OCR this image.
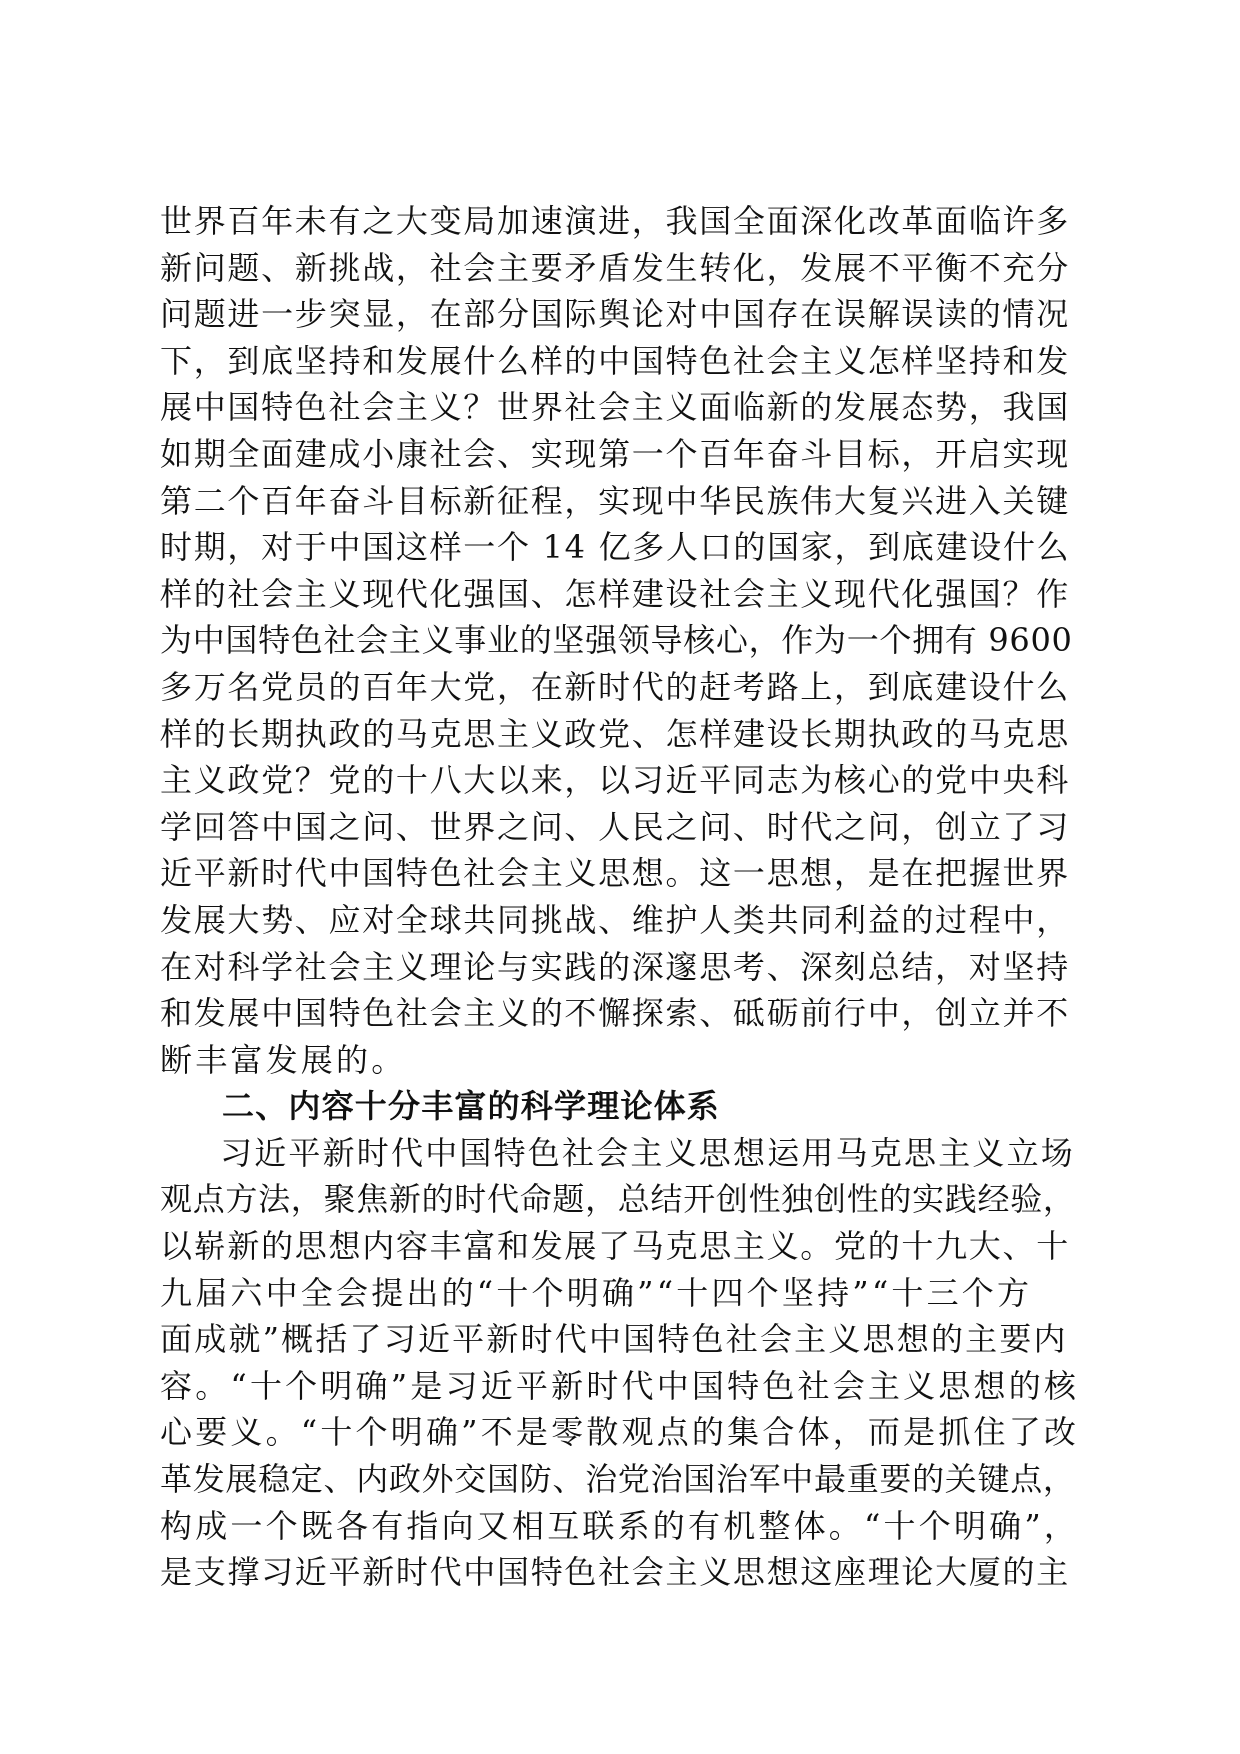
世界百年未有之大变局加速演进，我国全面深化改革面临许多
新问题、新挑战，社会主要矛盾发生转化，发展不平衡不充分
问题进一步突显，在部分国际舆论对中国存在误解误读的情况
下，到底坚持和发展什么样的中国特色社会主义怎样坚持和发
展中国特色社会主义？世界社会主义面临新的发展态势，我国
如期全面建成小康社会、实现第一个百年奋斗目标，开启实现
第二个百年奋斗目标新征程，实现中华民族伟大复兴进入关键
时期，对于中国这样一个 14 亿多人口的国家，到底建设什么
样的社会主义现代化强国、怎样建设社会主义现代化强国？作
为中国特色社会主义事业的坚强领导核心，作为一个拥有 9600
多万名党员的百年大党，在新时代的赶考路上，到底建设什么
样的长期执政的马克思主义政党、怎样建设长期执政的马克思
主义政党？党的十八大以来，以习近平同志为核心的党中央科
学回答中国之问、世界之问、人民之问、时代之问，创立了习
近平新时代中国特色社会主义思想。这一思想，是在把握世界
发展大势、应对全球共同挑战、维护人类共同利益的过程中，
在对科学社会主义理论与实践的深邃思考、深刻总结，对坚持
和发展中国特色社会主义的不懈探索、砥砺前行中，创立并不
断丰富发展的。
二、内容十分丰富的科学理论体系
习近平新时代中国特色社会主义思想运用马克思主义立场
观点方法，聚焦新的时代命题，总结开创性独创性的实践经验，
以崭新的思想内容丰富和发展了马克思主义。党的十九大、十
九届六中全会提出的“十个明确”“十四个坚持”“十三个方
面成就”概括了习近平新时代中国特色社会主义思想的主要内
容。“十个明确”是习近平新时代中国特色社会主义思想的核
心要义。“十个明确”不是零散观点的集合体，而是抓住了改
革发展稳定、内政外交国防、治党治国治军中最重要的关键点，
构成一个既各有指向又相互联系的有机整体。“十个明确”，
是支撑习近平新时代中国特色社会主义思想这座理论大厦的主
